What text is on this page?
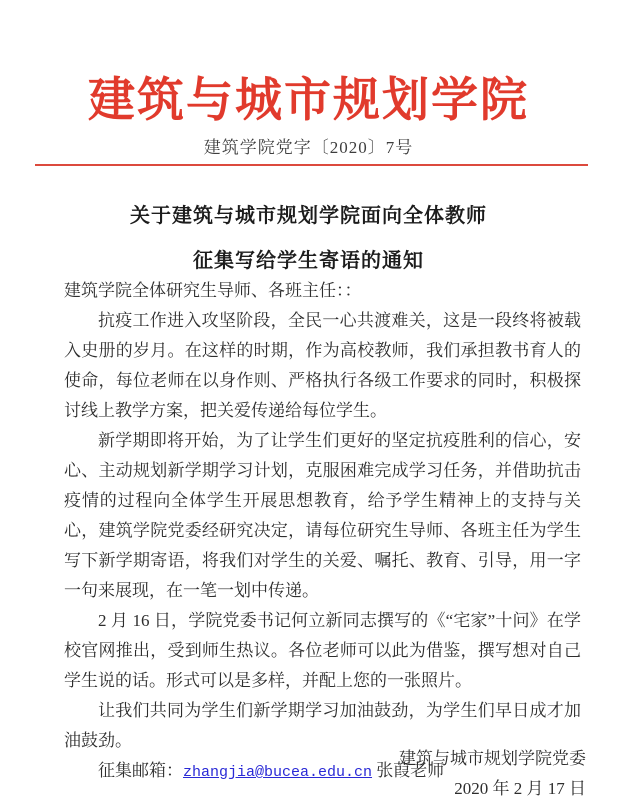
建筑与城市规划学院
建筑学院党字〔2020〕7号
关于建筑与城市规划学院面向全体教师
征集写给学生寄语的通知

建筑学院全体研究生导师、各班主任：：

抗疫工作进入攻坚阶段，全民一心共渡难关，这是一段终将被载入史册的岁月。在这样的时期，作为高校教师，我们承担教书育人的使命，每位老师在以身作则、严格执行各级工作要求的同时，积极探讨线上教学方案，把关爱传递给每位学生。

新学期即将开始，为了让学生们更好的坚定抗疫胜利的信心，安心、主动规划新学期学习计划，克服困难完成学习任务，并借助抗击疫情的过程向全体学生开展思想教育，给予学生精神上的支持与关心，建筑学院党委经研究决定，请每位研究生导师、各班主任为学生写下新学期寄语，将我们对学生的关爱、嘱托、教育、引导，用一字一句来展现，在一笔一划中传递。

2 月 16 日，学院党委书记何立新同志撰写的《“宅家”十问》在学校官网推出，受到师生热议。各位老师可以此为借鉴，撰写想对自己学生说的话。形式可以是多样，并配上您的一张照片。

让我们共同为学生们新学期学习加油鼓劲，为学生们早日成才加油鼓劲。

征集邮箱：zhangjia@bucea.edu.cn 张葭老师

建筑与城市规划学院党委
2020 年 2 月 17 日
